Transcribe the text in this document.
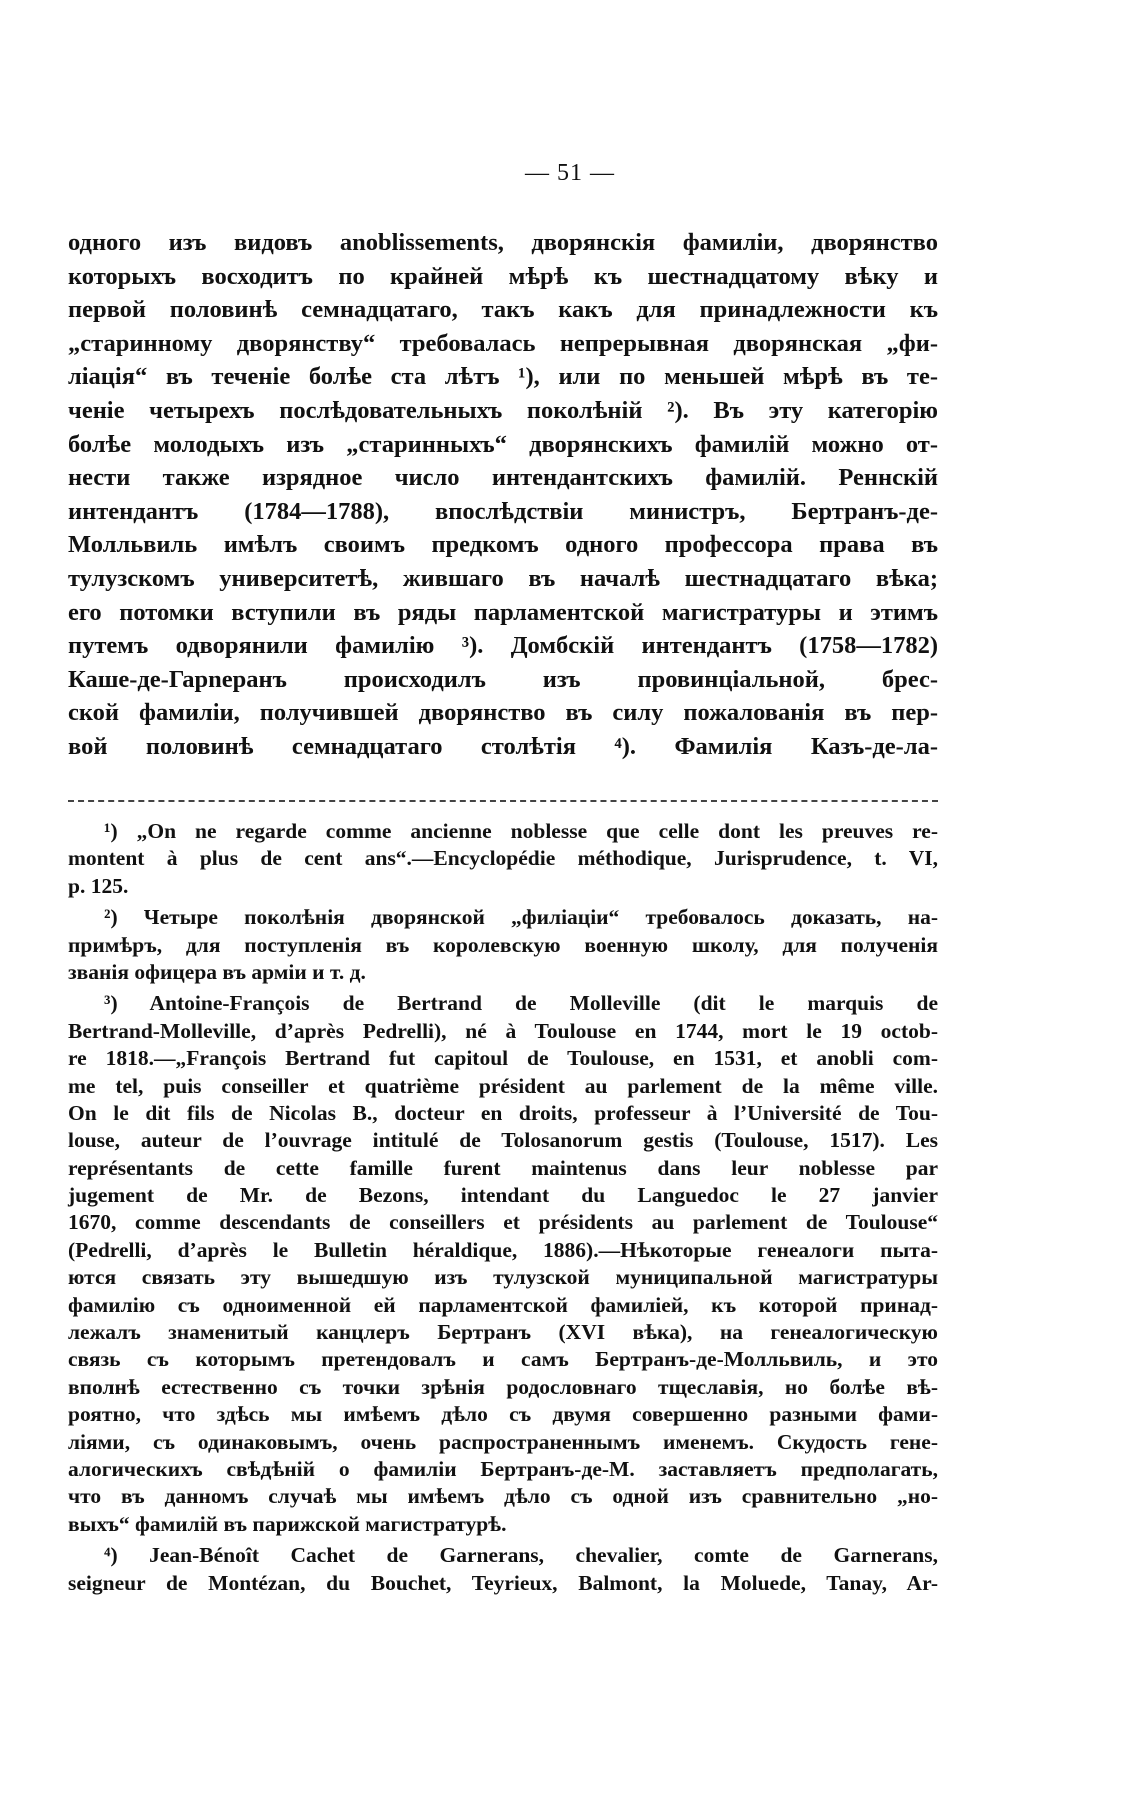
— 51 —
одного изъ видовъ anoblissements, дворянскія фамиліи, дворянство
которыхъ восходитъ по крайней мѣрѣ къ шестнадцатому вѣку и
первой половинѣ семнадцатаго, такъ какъ для принадлежности къ
„старинному дворянству“ требовалась непрерывная дворянская „фи-
ліація“ въ теченіе болѣе ста лѣтъ ¹), или по меньшей мѣрѣ въ те-
ченіе четырехъ послѣдовательныхъ поколѣній ²). Въ эту категорію
болѣе молодыхъ изъ „старинныхъ“ дворянскихъ фамилій можно от-
нести также изрядное число интендантскихъ фамилій. Реннскій
интендантъ (1784—1788), впослѣдствіи министръ, Бертранъ-де-
Молльвиль имѣлъ своимъ предкомъ одного профессора права въ
тулузскомъ университетѣ, жившаго въ началѣ шестнадцатаго вѣка;
его потомки вступили въ ряды парламентской магистратуры и этимъ
путемъ одворянили фамилію ³). Домбскій интендантъ (1758—1782)
Каше-де-Гарneранъ происходилъ изъ провинціальной, брес-
ской фамиліи, получившей дворянство въ силу пожалованія въ пер-
вой половинѣ семнадцатаго столѣтія ⁴). Фамилія Казъ-де-ла-
¹) „On ne regarde comme ancienne noblesse que celle dont les preuves re-
montent à plus de cent ans“.—Encyclopédie méthodique, Jurisprudence, t. VI,
p. 125.
²) Четыре поколѣнія дворянской „филіаціи“ требовалось доказать, на-
примѣръ, для поступленія въ королевскую военную школу, для полученія
званія офицера въ арміи и т. д.
³) Antoine-François de Bertrand de Molleville (dit le marquis de
Bertrand-Molleville, d’après Pedrelli), né à Toulouse en 1744, mort le 19 octob-
re 1818.—„François Bertrand fut capitoul de Toulouse, en 1531, et anobli com-
me tel, puis conseiller et quatrième président au parlement de la même ville.
On le dit fils de Nicolas B., docteur en droits, professeur à l’Université de Tou-
louse, auteur de l’ouvrage intitulé de Tolosanorum gestis (Toulouse, 1517). Les
représentants de cette famille furent maintenus dans leur noblesse par
jugement de Mr. de Bezons, intendant du Languedoc le 27 janvier
1670, comme descendants de conseillers et présidents au parlement de Toulouse“
(Pedrelli, d’après le Bulletin héraldique, 1886).—Нѣкоторые генеалоги пыта-
ются связать эту вышедшую изъ тулузской муниципальной магистратуры
фамилію съ одноименной ей парламентской фамиліей, къ которой принад-
лежалъ знаменитый канцлеръ Бертранъ (XVI вѣка), на генеалогическую
связь съ которымъ претендовалъ и самъ Бертранъ-де-Молльвиль, и это
вполнѣ естественно съ точки зрѣнія родословнаго тщеславія, но болѣе вѣ-
роятно, что здѣсь мы имѣемъ дѣло съ двумя совершенно разными фами-
ліями, съ одинаковымъ, очень распространеннымъ именемъ. Скудость гене-
алогическихъ свѣдѣній о фамиліи Бертранъ-де-М. заставляетъ предполагать,
что въ данномъ случаѣ мы имѣемъ дѣло съ одной изъ сравнительно „но-
выхъ“ фамилій въ парижской магистратурѣ.
⁴) Jean-Bénoît Cachet de Garnerans, chevalier, comte de Garnerans,
seigneur de Montézan, du Bouchet, Teyrieux, Balmont, la Moluede, Tanay, Ar-
